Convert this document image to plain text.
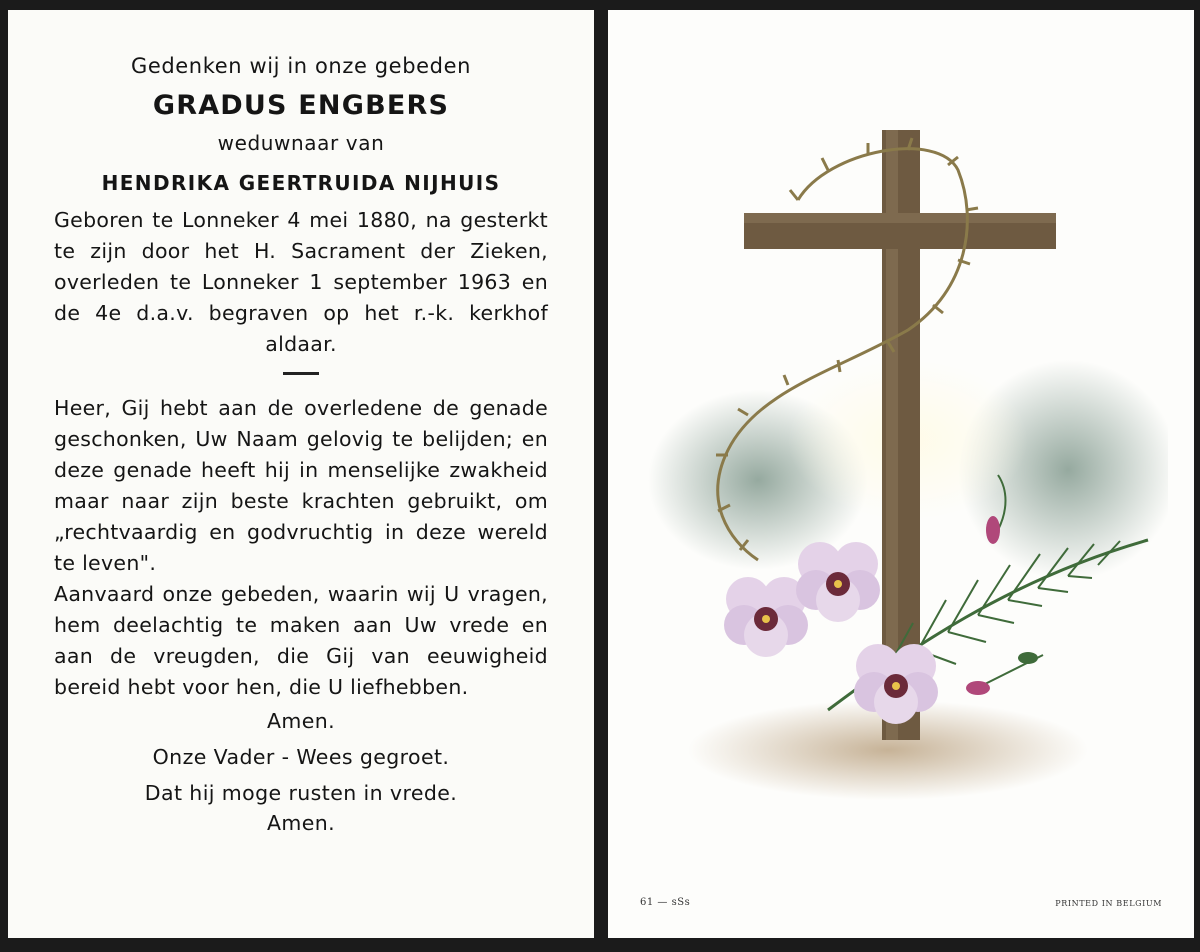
Gedenken wij in onze gebeden
GRADUS ENGBERS
weduwnaar van
HENDRIKA GEERTRUIDA NIJHUIS

Geboren te Lonneker 4 mei 1880, na gesterkt te zijn door het H. Sacrament der Zieken, overleden te Lonneker 1 september 1963 en de 4e d.a.v. begraven op het r.-k. kerkhof aldaar.

Heer, Gij hebt aan de overledene de genade geschonken, Uw Naam gelovig te belijden; en deze genade heeft hij in menselijke zwakheid maar naar zijn beste krachten gebruikt, om „rechtvaardig en godvruchtig in deze wereld te leven".

Aanvaard onze gebeden, waarin wij U vragen, hem deelachtig te maken aan Uw vrede en aan de vreugden, die Gij van eeuwigheid bereid hebt voor hen, die U liefhebben.

Amen.
Onze Vader - Wees gegroet.
Dat hij moge rusten in vrede.
Amen.
61 — sSs	PRINTED IN BELGIUM
